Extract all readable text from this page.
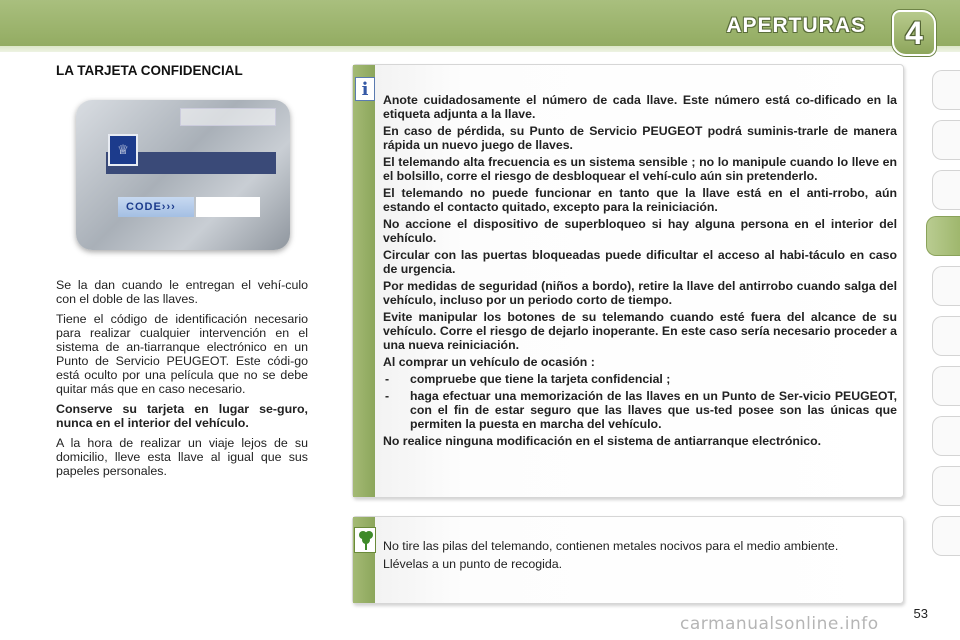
APERTURAS 4
LA TARJETA CONFIDENCIAL
♕
CODE›››

Se la dan cuando le entregan el vehí-culo con el doble de las llaves.

Tiene el código de identificación necesario para realizar cualquier intervención en el sistema de an-tiarranque electrónico en un Punto de Servicio PEUGEOT. Este códi-go está oculto por una película que no se debe quitar más que en caso necesario.

Conserve su tarjeta en lugar se-guro, nunca en el interior del vehículo.

A la hora de realizar un viaje lejos de su domicilio, lleve esta llave al igual que sus papeles personales.

i

Anote cuidadosamente el número de cada llave. Este número está co-dificado en la etiqueta adjunta a la llave.

En caso de pérdida, su Punto de Servicio PEUGEOT podrá suminis-trarle de manera rápida un nuevo juego de llaves.

El telemando alta frecuencia es un sistema sensible ; no lo manipule cuando lo lleve en el bolsillo, corre el riesgo de desbloquear el vehí-culo aún sin pretenderlo.

El telemando no puede funcionar en tanto que la llave está en el anti-rrobo, aún estando el contacto quitado, excepto para la reiniciación.

No accione el dispositivo de superbloqueo si hay alguna persona en el interior del vehículo.

Circular con las puertas bloqueadas puede dificultar el acceso al habi-táculo en caso de urgencia.

Por medidas de seguridad (niños a bordo), retire la llave del antirrobo cuando salga del vehículo, incluso por un periodo corto de tiempo.

Evite manipular los botones de su telemando cuando esté fuera del alcance de su vehículo. Corre el riesgo de dejarlo inoperante. En este caso sería necesario proceder a una nueva reiniciación.

Al comprar un vehículo de ocasión :

- compruebe que tiene la tarjeta confidencial ;

- haga efectuar una memorización de las llaves en un Punto de Ser-vicio PEUGEOT, con el fin de estar seguro que las llaves que us-ted posee son las únicas que permiten la puesta en marcha del vehículo.

No realice ninguna modificación en el sistema de antiarranque electrónico.

No tire las pilas del telemando, contienen metales nocivos para el medio ambiente.

Llévelas a un punto de recogida.

53
carmanualsonline.info
